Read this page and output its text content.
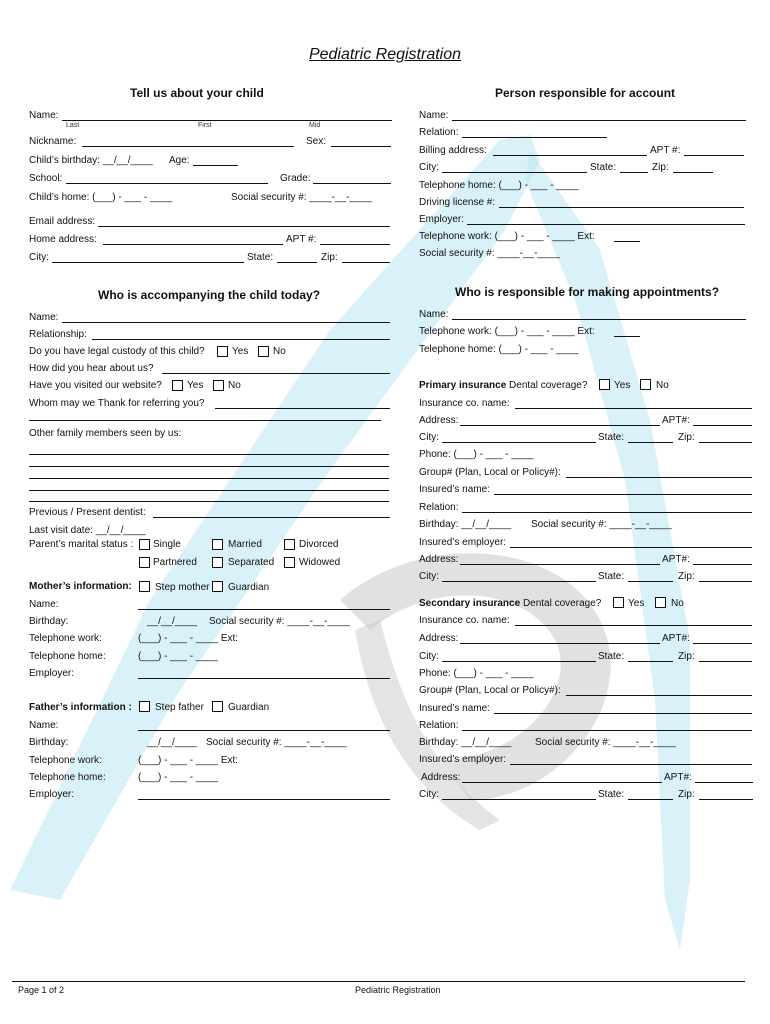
Pediatric Registration
Tell us about your child
Name:
Last	First	Mid
Nickname:	Sex:
Child’s birthday: __/__/____ Age:
School:	Grade:
Child’s home: (___) - ___ - ____	Social security #: ____-__-____
Email address:
Home address:	APT #:
City:	State:	Zip:
Person responsible for account
Name:
Relation:
Billing address:	APT #:
City:	State:	Zip:
Telephone home: (___) - ___ - ____
Driving license #:
Employer:
Telephone work: (___) - ___ - ____ Ext:
Social security #: ____-__-____
Who is accompanying the child today?
Name:
Relationship:
Do you have legal custody of this child?	Yes No
How did you hear about us?
Have you visited our website?	Yes No
Whom may we Thank for referring you?
Other family members seen by us:
Previous / Present dentist:
Last visit date: __/__/____
Parent’s marital status : Single	Married	Divorced
Partnered	Separated Widowed
Mother’s information: Step mother Guardian
Name:
Birthday:	__/__/____ Social security #: ____-__-____
Telephone work:	(___) - ___ - ____ Ext:
Telephone home:	(___) - ___ - ____
Employer:
Father’s information : Step father Guardian
Name:
Birthday:	__/__/____ Social security #: ____-__-____
Telephone work:	(___) - ___ - ____ Ext:
Telephone home:	(___) - ___ - ____
Employer:
Who is responsible for making appointments?
Name:
Telephone work: (___) - ___ - ____ Ext:
Telephone home: (___) - ___ - ____
Primary insurance Dental coverage?	Yes	No
Insurance co. name:
Address:	APT#:
City:	State:	Zip:
Phone: (___) - ___ - ____
Group# (Plan, Local or Policy#):
Insured’s name:
Relation:
Birthday: __/__/____ Social security #: ____-__-____
Insured’s employer:
Address:	APT#:
City:	State:	Zip:
Secondary insurance Dental coverage?	Yes	No
Insurance co. name:
Address:	APT#:
City:	State:	Zip:
Phone: (___) - ___ - ____
Group# (Plan, Local or Policy#):
Insured’s name:
Relation:
Birthday: __/__/____ Social security #: ____-__-____
Insured’s employer:
Address:	APT#:
City:	State:	Zip:
Page 1 of 2	Pediatric Registration
